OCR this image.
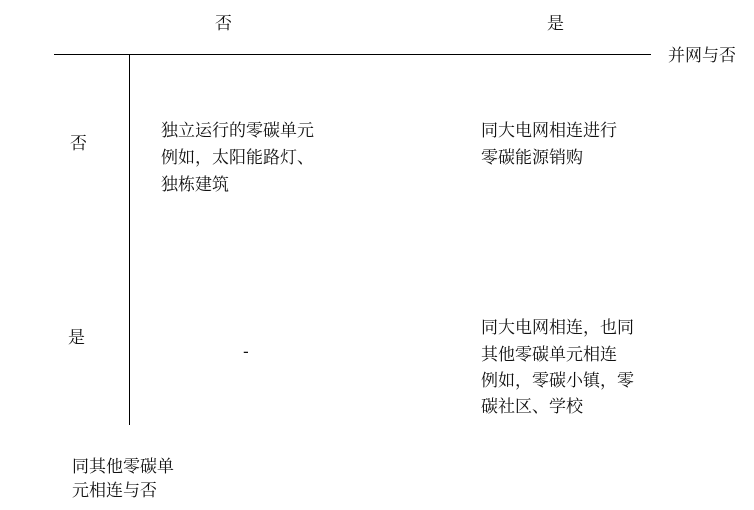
否	是
并网与否
否
是
同其他零碳单
元相连与否
独立运行的零碳单元
例如，太阳能路灯、
独栋建筑
同大电网相连进行
零碳能源销购
-
同大电网相连，也同
其他零碳单元相连
例如，零碳小镇，零
碳社区、学校
